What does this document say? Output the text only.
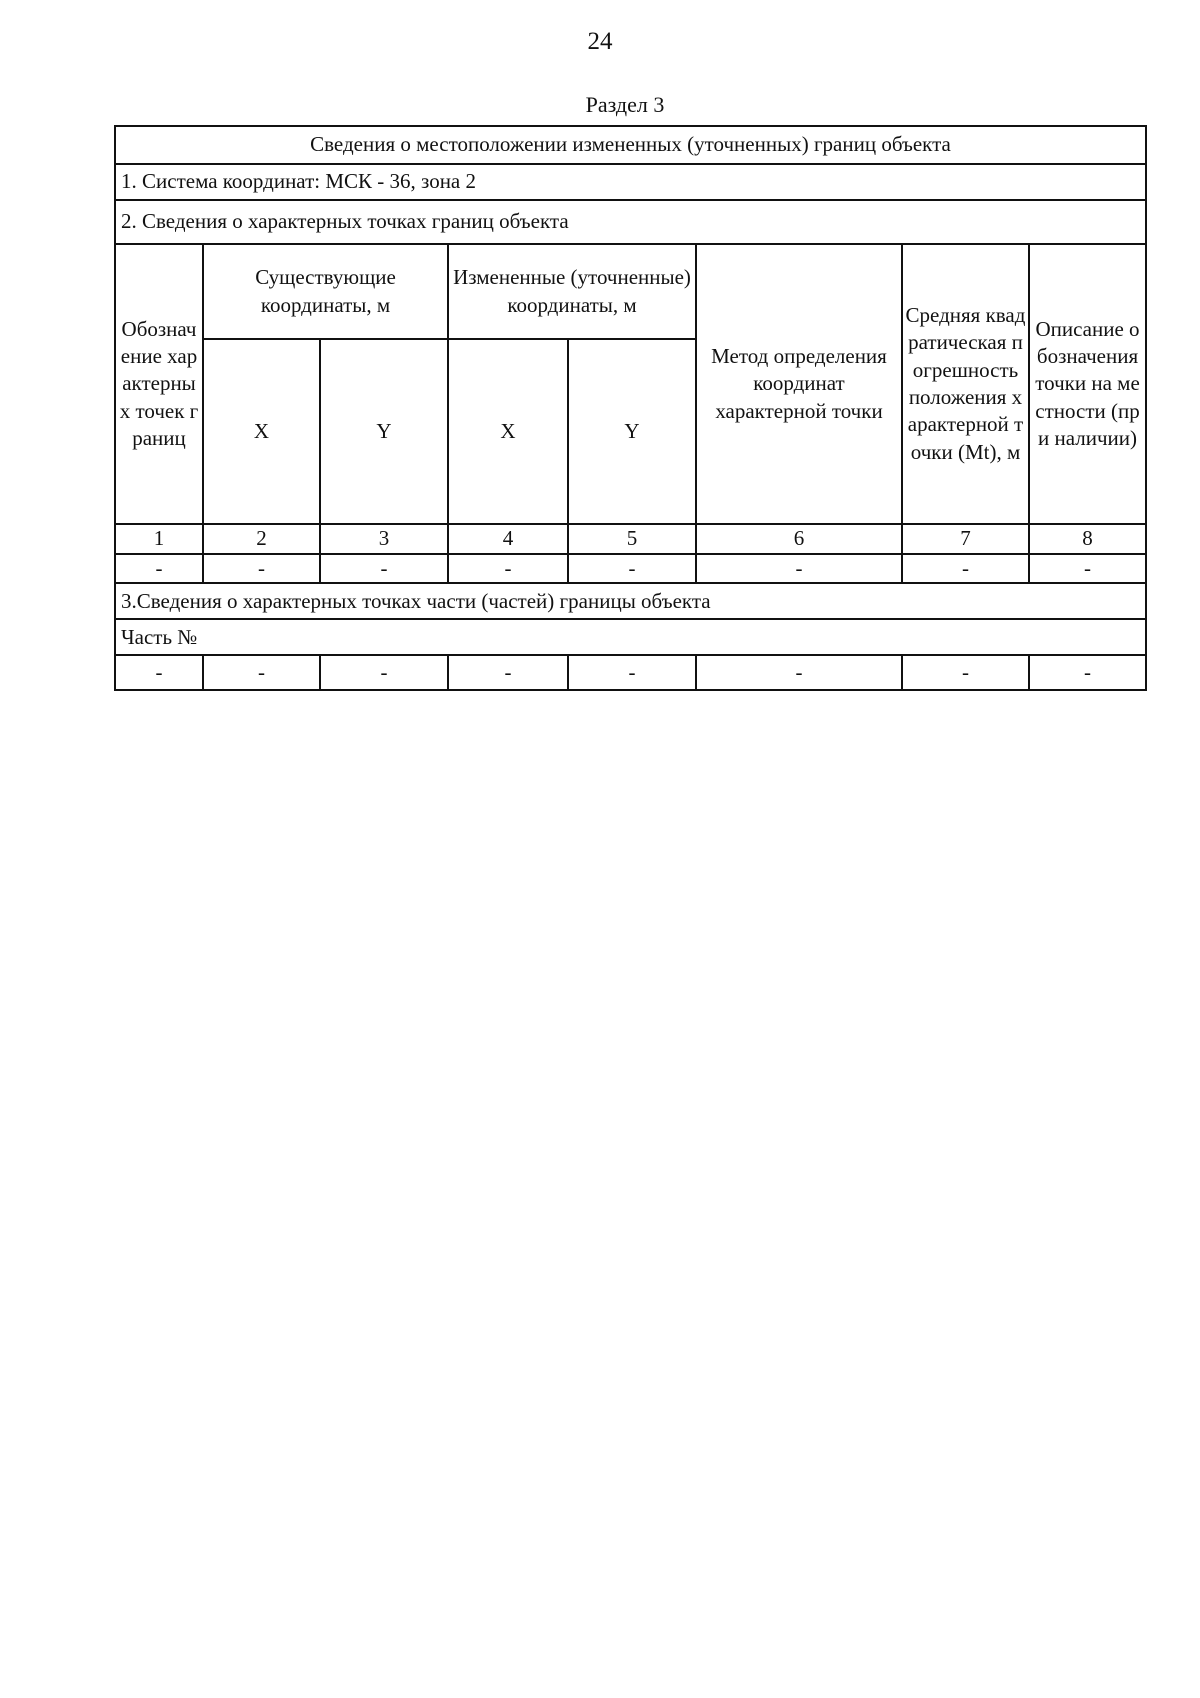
24
Раздел 3
Сведения о местоположении измененных (уточненных) границ объекта							
1. Система координат: МСК - 36, зона 2							
2. Сведения о характерных точках границ объекта							
Обозначение характерных точек границ	Существующие координаты, м		Измененные (уточненные) координаты, м		Метод определения координат характерной точки	Средняя квадратическая погрешность положения характерной точки (Mt), м	Описание обозначения точки на местности (при наличии)
	X	Y	X	Y			
1	2	3	4	5	6	7	8
-	-	-	-	-	-	-	-
3.Сведения о характерных точках части (частей) границы объекта							
Часть №							
-	-	-	-	-	-	-	-
